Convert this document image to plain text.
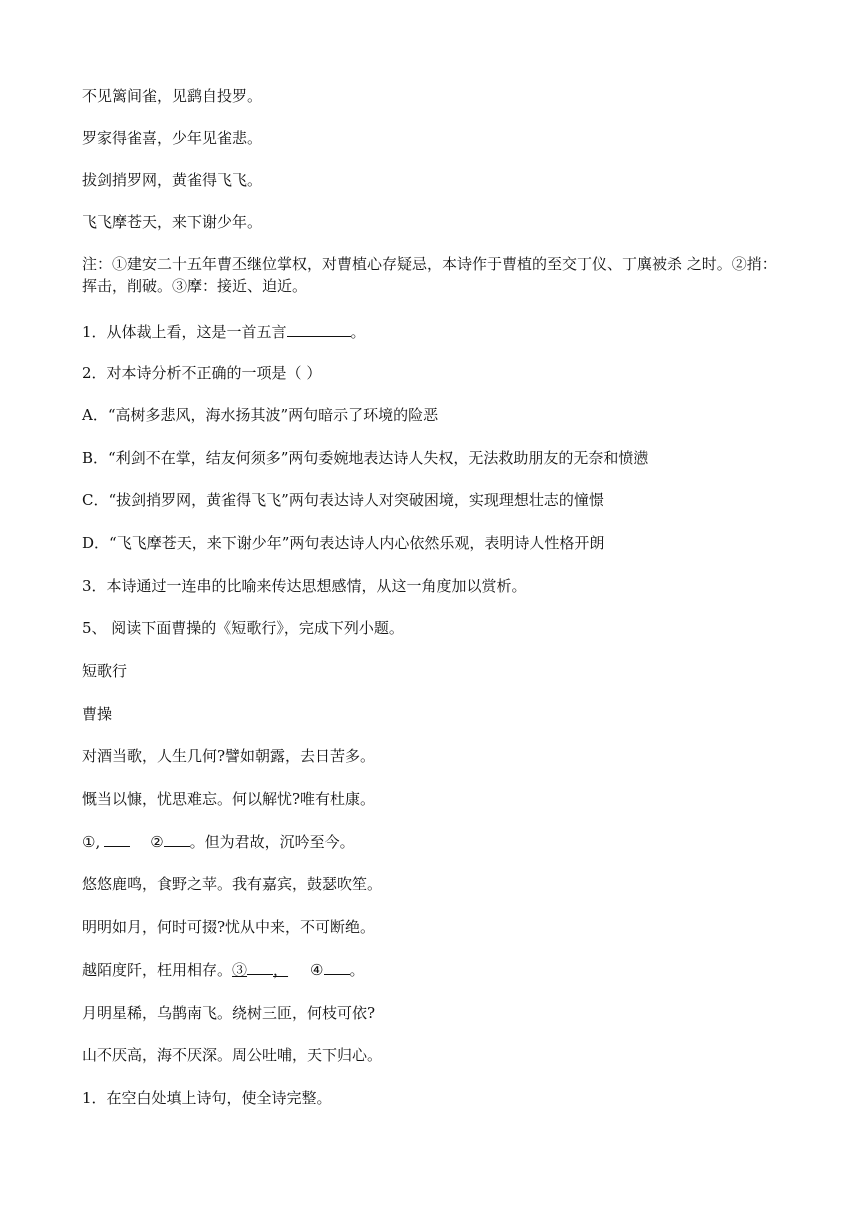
不见篱间雀，见鹞自投罗。
罗家得雀喜，少年见雀悲。
拔剑捎罗网，黄雀得飞飞。
飞飞摩苍天，来下谢少年。
注：①建安二十五年曹丕继位掌权，对曹植心存疑忌，本诗作于曹植的至交丁仪、丁廙被杀 之时。②捎：挥击，削破。③摩：接近、迫近。
1．从体裁上看，这是一首五言	。
2．对本诗分析不正确的一项是（ ）
A．“高树多悲风，海水扬其波”两句暗示了环境的险恶
B．“利剑不在掌，结友何须多”两句委婉地表达诗人失权，无法救助朋友的无奈和愤懑
C．“拔剑捎罗网，黄雀得飞飞”两句表达诗人对突破困境，实现理想壮志的憧憬
D．“飞飞摩苍天，来下谢少年”两句表达诗人内心依然乐观，表明诗人性格开朗
3．本诗通过一连串的比喻来传达思想感情，从这一角度加以赏析。
5、 阅读下面曹操的《短歌行》，完成下列小题。
短歌行
曹操
对酒当歌，人生几何?譬如朝露，去日苦多。
慨当以慷，忧思难忘。何以解忧?唯有杜康。
①,	② 。但为君故，沉吟至今。
悠悠鹿鸣，食野之苹。我有嘉宾，鼓瑟吹笙。
明明如月，何时可掇?忧从中来，不可断绝。
越陌度阡，枉用相存。③ ， ④ 。
月明星稀，乌鹊南飞。绕树三匝，何枝可依?
山不厌高，海不厌深。周公吐哺，天下归心。
1．在空白处填上诗句，使全诗完整。
